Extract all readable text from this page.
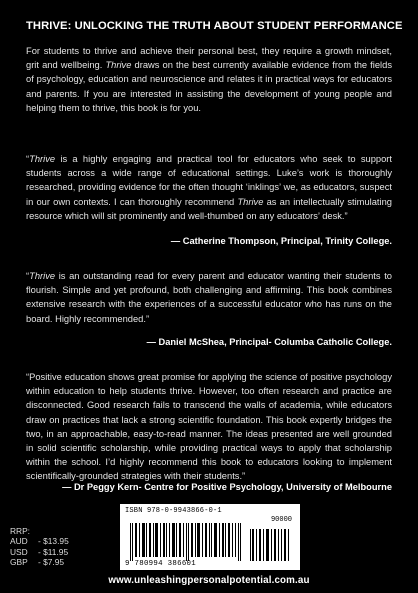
THRIVE: UNLOCKING THE TRUTH ABOUT STUDENT PERFORMANCE
For students to thrive and achieve their personal best, they require a growth mindset, grit and wellbeing. Thrive draws on the best currently available evidence from the fields of psychology, education and neuroscience and relates it in practical ways for educators and parents. If you are interested in assisting the development of young people and helping them to thrive, this book is for you.
“Thrive is a highly engaging and practical tool for educators who seek to support students across a wide range of educational settings. Luke’s work is thoroughly researched, providing evidence for the often thought ‘inklings’ we, as educators, suspect in our own contexts. I can thoroughly recommend Thrive as an intellectually stimulating resource which will sit prominently and well-thumbed on any educators’ desk.”
— Catherine Thompson, Principal, Trinity College.
“Thrive is an outstanding read for every parent and educator wanting their students to flourish. Simple and yet profound, both challenging and affirming. This book combines extensive research with the experiences of a successful educator who has runs on the board. Highly recommended.”
— Daniel McShea, Principal- Columba Catholic College.
“Positive education shows great promise for applying the science of positive psychology within education to help students thrive. However, too often research and practice are disconnected. Good research fails to transcend the walls of academia, while educators draw on practices that lack a strong scientific foundation. This book expertly bridges the two, in an approachable, easy-to-read manner. The ideas presented are well grounded in solid scientific scholarship, while providing practical ways to apply that scholarship within the school. I’d highly recommend this book to educators looking to implement scientifically-grounded strategies with their students.”
— Dr Peggy Kern- Centre for Positive Psychology, University of Melbourne
ISBN 978-0-9943866-0-1
90000
9 780994 386601
RRP:
AUD - $13.95
USD - $11.95
GBP - $7.95
www.unleashingpersonalpotential.com.au
